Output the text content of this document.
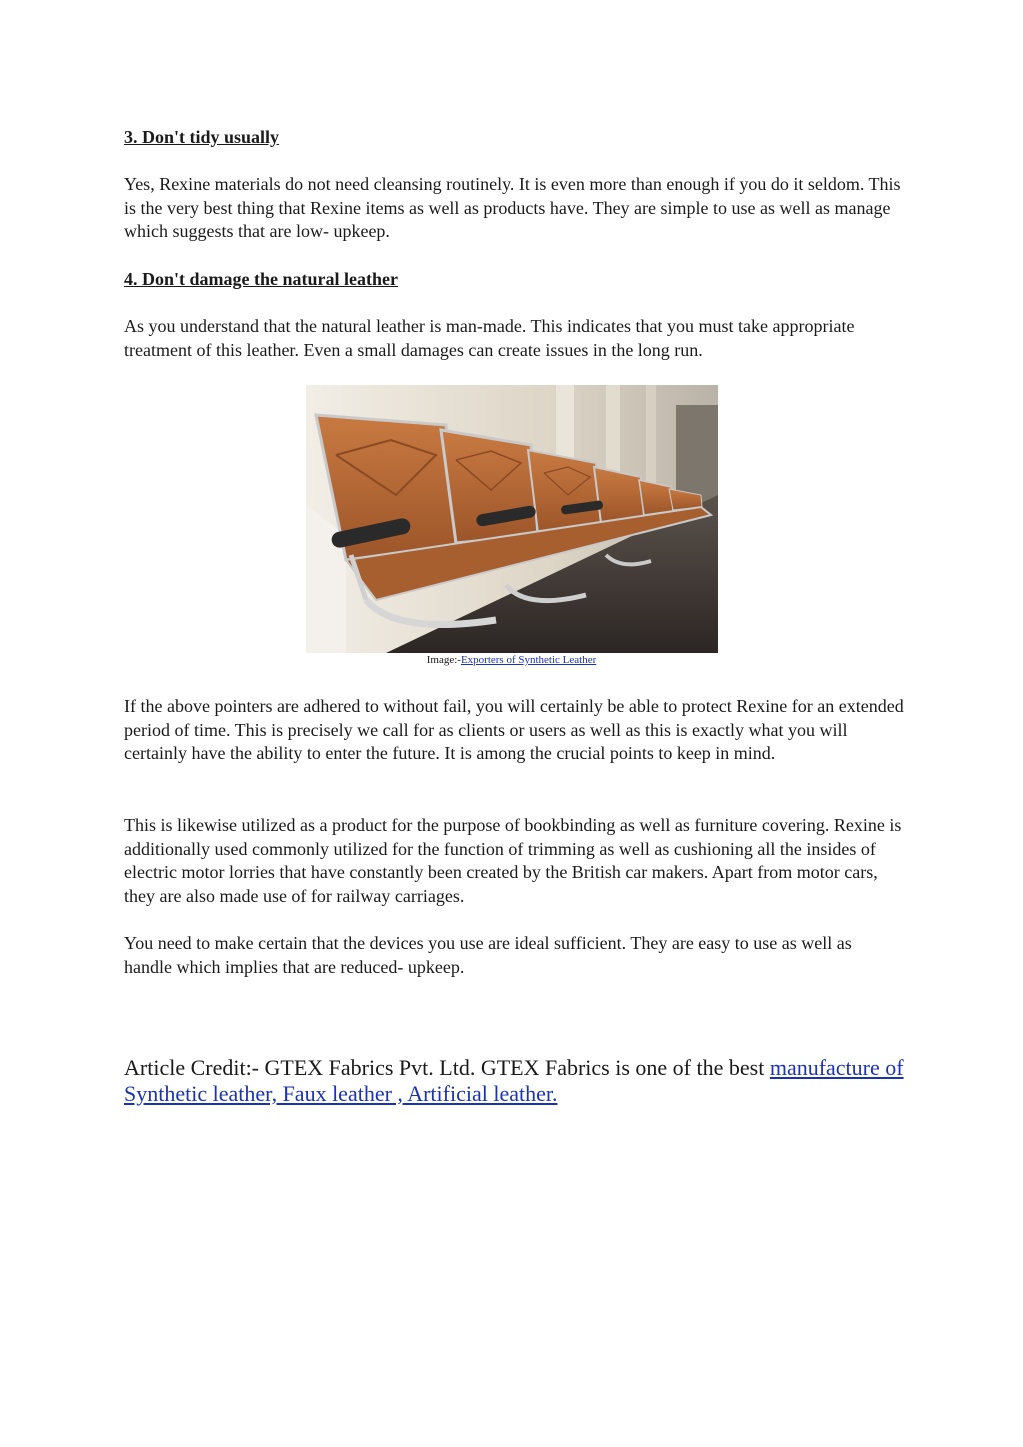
3. Don't tidy usually

Yes, Rexine materials do not need cleansing routinely. It is even more than enough if you do it seldom. This is the very best thing that Rexine items as well as products have. They are simple to use as well as manage which suggests that are low- upkeep.

4. Don't damage the natural leather

As you understand that the natural leather is man-made. This indicates that you must take appropriate treatment of this leather. Even a small damages can create issues in the long run.

If the above pointers are adhered to without fail, you will certainly be able to protect Rexine for an extended period of time. This is precisely we call for as clients or users as well as this is exactly what you will certainly have the ability to enter the future. It is among the crucial points to keep in mind.

This is likewise utilized as a product for the purpose of bookbinding as well as furniture covering. Rexine is additionally used commonly utilized for the function of trimming as well as cushioning all the insides of electric motor lorries that have constantly been created by the British car makers. Apart from motor cars, they are also made use of for railway carriages.

You need to make certain that the devices you use are ideal sufficient. They are easy to use as well as handle which implies that are reduced- upkeep.

Image:-Exporters of Synthetic Leather

Article Credit:- GTEX Fabrics Pvt. Ltd. GTEX Fabrics is one of the best manufacture of Synthetic leather, Faux leather , Artificial leather.
